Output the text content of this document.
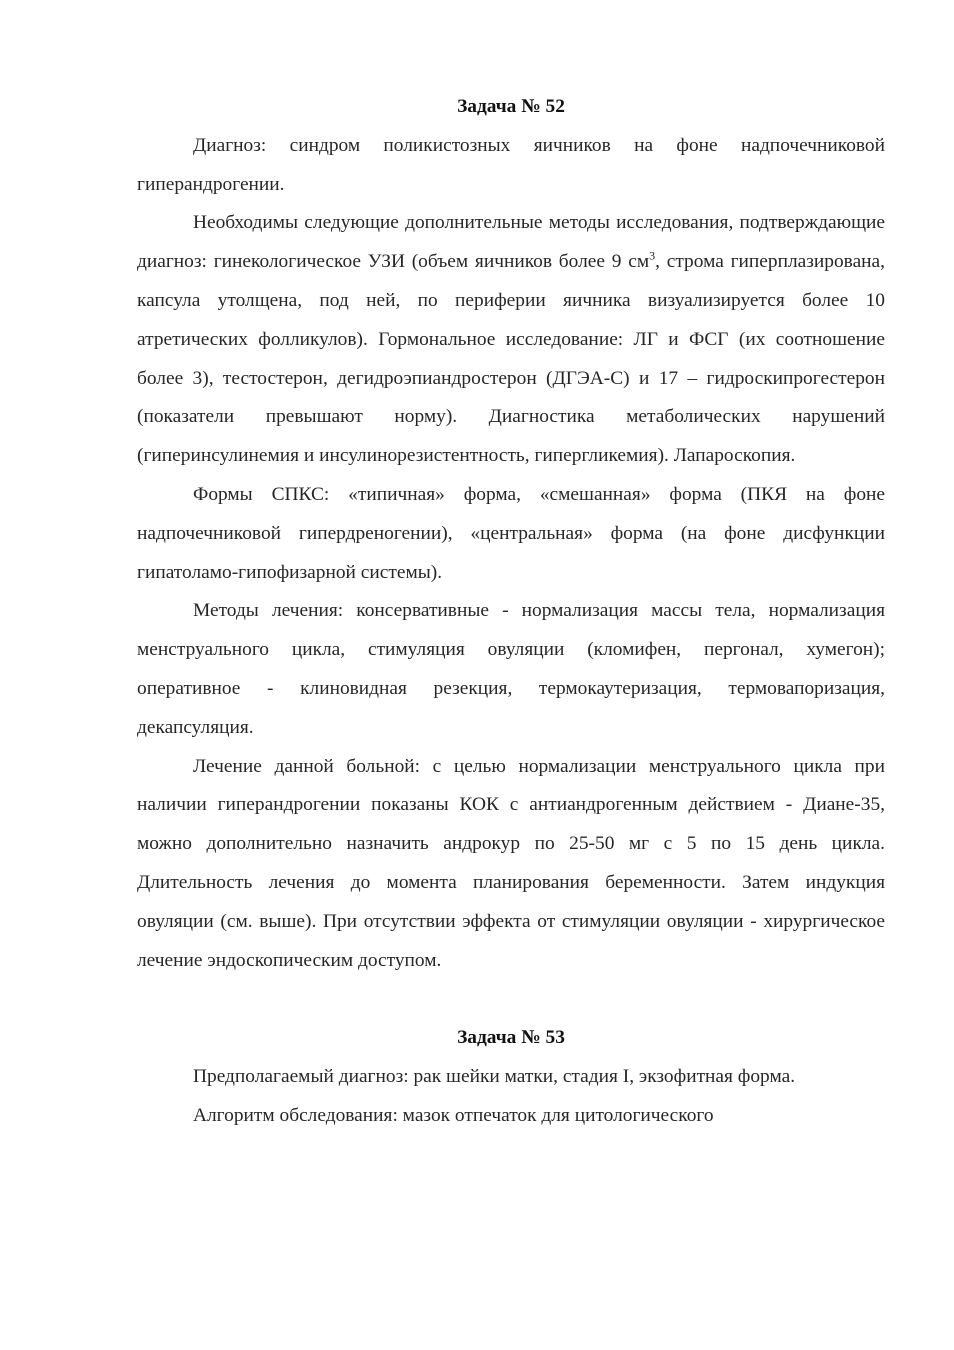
Задача № 52

Диагноз: синдром поликистозных яичников на фоне надпочечниковой гиперандрогении.

Необходимы следующие дополнительные методы исследования, подтверждающие диагноз: гинекологическое УЗИ (объем яичников более 9 $см^3$, строма гиперплазирована, капсула утолщена, под ней, по периферии яичника визуализируется более 10 атретических фолликулов). Гормональное исследование: ЛГ и ФСГ (их соотношение более 3), тестостерон, дегидроэпиандростерон (ДГЭА-С) и 17 – гидроскипрогестерон (показатели превышают норму). Диагностика метаболических нарушений (гиперинсулинемия и инсулинорезистентность, гипергликемия). Лапароскопия.

Формы СПКС: «типичная» форма, «смешанная» форма (ПКЯ на фоне надпочечниковой гипердреногении), «центральная» форма (на фоне дисфункции гипатоламо-гипофизарной системы).

Методы лечения: консервативные - нормализация массы тела, нормализация менструального цикла, стимуляция овуляции (кломифен, пергонал, хумегон); оперативное - клиновидная резекция, термокаутеризация, термовапоризация, декапсуляция.

Лечение данной больной: с целью нормализации менструального цикла при наличии гиперандрогении показаны КОК с антиандрогенным действием - Диане-35, можно дополнительно назначить андрокур по 25-50 мг с 5 по 15 день цикла. Длительность лечения до момента планирования беременности. Затем индукция овуляции (см. выше). При отсутствии эффекта от стимуляции овуляции - хирургическое лечение эндоскопическим доступом.

Задача № 53

Предполагаемый диагноз: рак шейки матки, стадия I, экзофитная форма.

Алгоритм обследования: мазок отпечаток для цитологического
